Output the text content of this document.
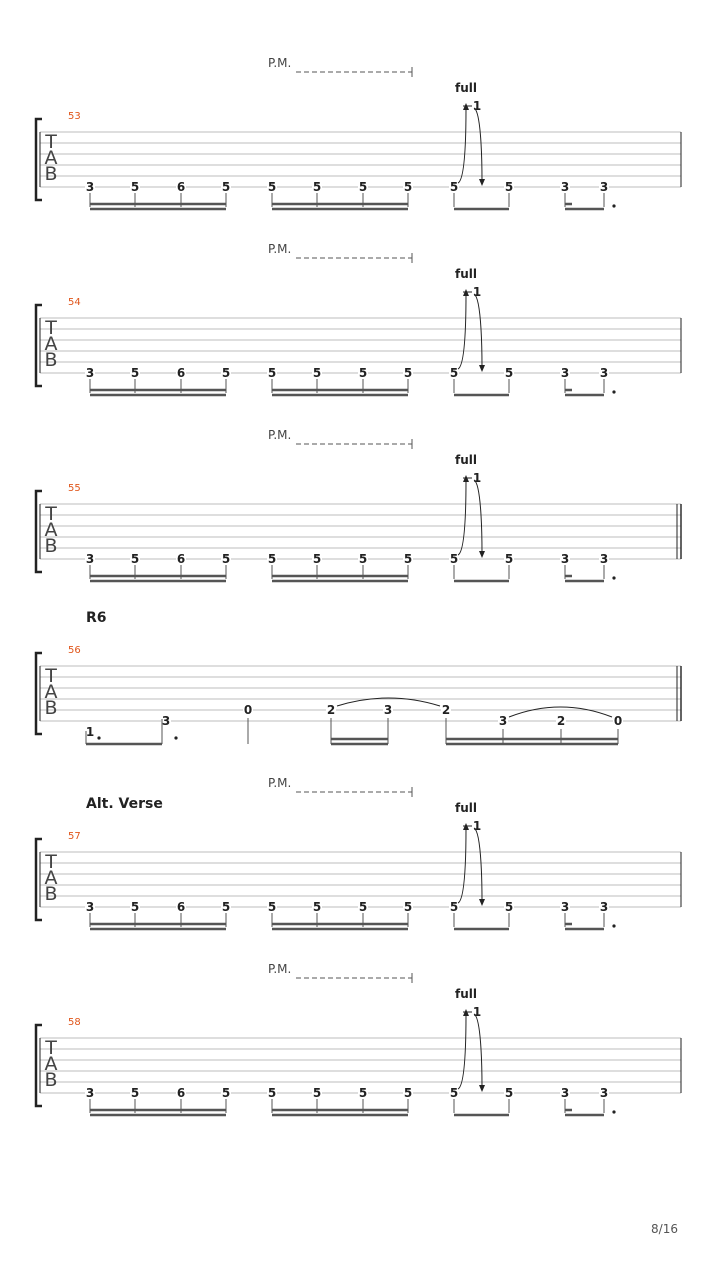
P.M.
T
A
B
53
3	5	6	5	5	5	5	5	5	5	3	3
1
full
P.M.
T
A
B
54
3	5	6	5	5	5	5	5	5	5	3	3
1
full
P.M.
T
A
B
55
3	5	6	5	5	5	5	5	5	5	3	3
1
full
R6
T
A
B
56
1
3
0	2	3	2
3	2	0
Alt. Verse
P.M.
T
A
B
57
3	5	6	5	5	5	5	5	5	5	3	3
1
full
P.M.
T
A
B
58
3	5	6	5	5	5	5	5	5	5	3	3
1
full
8/16
